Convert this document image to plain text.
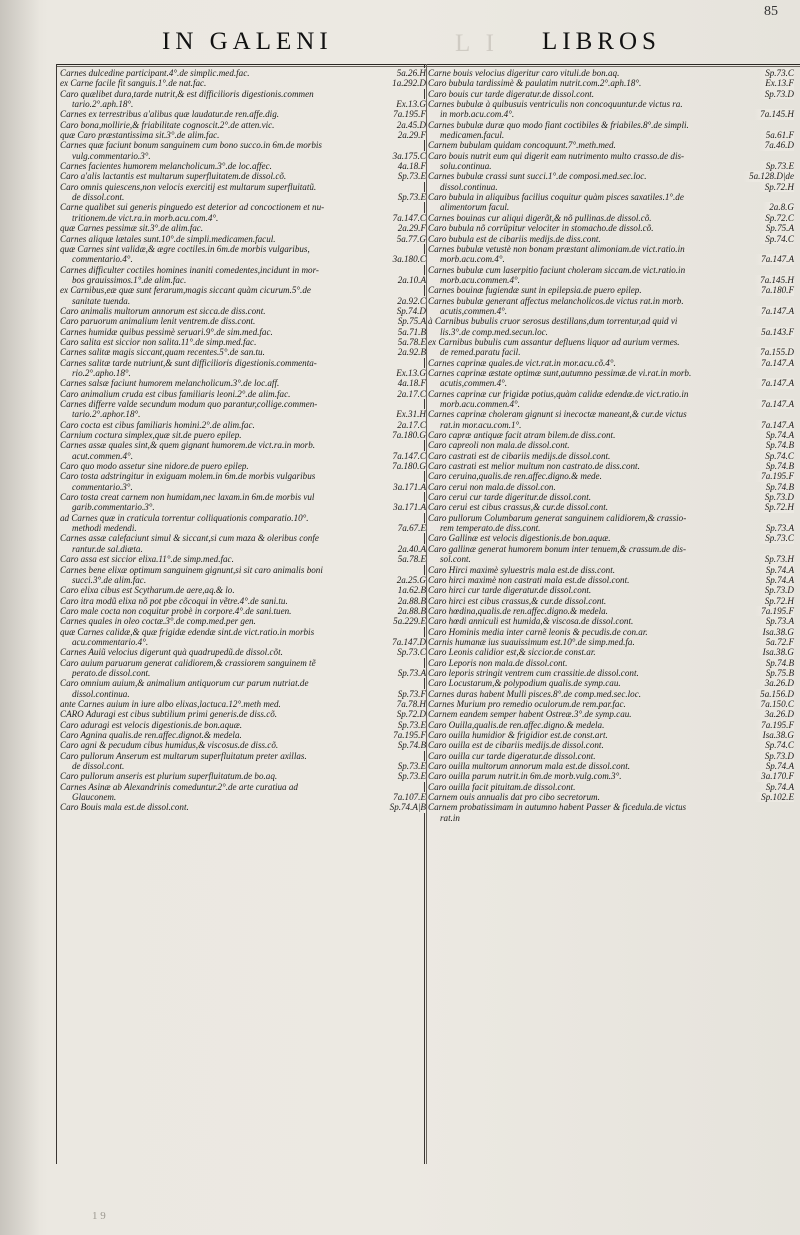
85
IN GALENI	L I LIBROS
Carnes dulcedine participant.4°.de simplic.med.fac.	5a.26.H
ex Carne facile fit sanguis.1°.de nat.fac.	1a.292.D
Caro quælibet dura,tarde nutrit,& est difficilioris digestionis.commen
tario.2°.aph.18°.	Ex.13.G
Carnes ex terrestribus a'alibus quæ laudatur.de ren.affe.dig.	7a.195.F
Caro bona,mollirie,& friabilitate cognoscit.2°.de atten.vic.	2a.45.D
quæ Caro præstantissima sit.3°.de alim.fac.	2a.29.F
Carnes quæ faciunt bonum sanguinem cum bono succo.in 6m.de morbis
vulg.commentario.3°.	3a.175.C
Carnes facientes humorem melancholicum.3°.de loc.affec.	4a.18.F
Caro a'alis lactantis est multarum superfluitatem.de dissol.cõ.	Sp.73.E
Caro omnis quiescens,non velocis exercitij est multarum superfluitatũ.
de dissol.cont.	Sp.73.E
Carne qualibet sui generis pinguedo est deterior ad concoctionem et nu-
tritionem.de vict.ra.in morb.acu.com.4°.	7a.147.C
quæ Carnes pessimæ sit.3°.de alim.fac.	2a.29.F
Carnes aliquæ lætales sunt.10°.de simpli.medicamen.facul.	5a.77.G
quæ Carnes sint validæ,& ægre coctiles.in 6m.de morbis vulgaribus,
commentario.4°.	3a.180.C
Carnes difficulter coctiles homines inaniti comedentes,incidunt in mor-
bos grauissimos.1°.de alim.fac.	2a.10.A
ex Carnibus,eæ quæ sunt ferarum,magis siccant quàm cicurum.5°.de
sanitate tuenda.	2a.92.C
Caro animalis multorum annorum est sicca.de diss.cont.	Sp.74.D
Caro paruorum animalium lenit ventrem.de diss.cont.	Sp.75.A
Carnes humidæ quibus pessimè seruari.9°.de sim.med.fac.	5a.71.B
Caro salita est siccior non salita.11°.de simp.med.fac.	5a.78.E
Carnes salitæ magis siccant,quam recentes.5°.de san.tu.	2a.92.B
Carnes salitæ tarde nutriunt,& sunt difficilioris digestionis.commenta-
rio.2°.apho.18°.	Ex.13.G
Carnes salsæ faciunt humorem melancholicum.3°.de loc.aff.	4a.18.F
Caro animalium cruda est cibus familiaris leoni.2°.de alim.fac.	2a.17.C
Carnes differre valde secundum modum quo parantur,collige.commen-
tario.2°.aphor.18°.	Ex.31.H
Caro cocta est cibus familiaris homini.2°.de alim.fac.	2a.17.C
Carnium coctura simplex,quæ sit.de puero epilep.	7a.180.G
Carnes assæ quales sint,& quem gignant humorem.de vict.ra.in morb.
acut.commen.4°.	7a.147.C
Caro quo modo assetur sine nidore.de puero epilep.	7a.180.G
Caro tosta adstringitur in exiguam molem.in 6m.de morbis vulgaribus
commentario.3°.	3a.171.A
Caro tosta creat carnem non humidam,nec laxam.in 6m.de morbis vul
garib.commentario.3°.	3a.171.A
ad Carnes quæ in craticula torrentur colliquationis comparatio.10°.
methodi medendi.	7a.67.E
Carnes assæ calefaciunt simul & siccant,si cum maza & oleribus confe
rantur.de sal.diæta.	2a.40.A
Caro assa est siccior elixa.11°.de simp.med.fac.	5a.78.E
Carnes bene elixæ optimum sanguinem gignunt,si sit caro animalis boni
succi.3°.de alim.fac.	2a.25.G
Caro elixa cibus est Scytharum.de aere,aq.& lo.	1a.62.B
Caro itra modũ elixa nõ pot pbe cõcoqui in vẽtre.4°.de sani.tu.	2a.88.B
Caro male cocta non coquitur probè in corpore.4°.de sani.tuen.	2a.88.B
Carnes quales in oleo coctæ.3°.de comp.med.per gen.	5a.229.E
quæ Carnes calidæ,& quæ frigidæ edendæ sint.de vict.ratio.in morbis
acu.commentario.4°.	7a.147.D
Carnes Auiũ velocius digerunt quà quadrupedũ.de dissol.cõt.	Sp.73.C
Caro auium paruarum generat calidiorem,& crassiorem sanguinem tẽ
perato.de dissol.cont.	Sp.73.A
Caro omnium auium,& animalium antiquorum cur parum nutriat.de
dissol.continua.	Sp.73.F
ante Carnes auium in iure albo elixas,lactuca.12°.meth med.	7a.78.H
CARO Aduragi est cibus subtilium primi generis.de diss.cõ.	Sp.72.D
Caro aduragi est velocis digestionis.de bon.aquæ.	Sp.73.E
Caro Agnina qualis.de ren.affec.dignot.& medela.	7a.195.F
Caro agni & pecudum cibus humidus,& viscosus.de diss.cõ.	Sp.74.B
Caro pullorum Anserum est multarum superfluitatum preter axillas.
de dissol.cont.	Sp.73.E
Caro pullorum anseris est plurium superfluitatum.de bo.aq.	Sp.73.E
Carnes Asinæ ab Alexandrinis comeduntur.2°.de arte curatiua ad
Glauconem.	7a.107.E
Caro Bouis mala est.de dissol.cont.	Sp.74.A|B
Carne bouis velocius digeritur caro vituli.de bon.aq.	Sp.73.C
Caro bubula tardissimè & paulatim nutrit.com.2°.aph.18°.	Ex.13.F
Caro bouis cur tarde digeratur.de dissol.cont.	Sp.73.D
Carnes bubulæ à quibusuis ventriculis non concoquuntur.de victus ra.
in morb.acu.com.4°.	7a.145.H
Carnes bubulæ duræ quo modo fiant coctibiles & friabiles.8°.de simpli.
medicamen.facul.	5a.61.F
Carnem bubulam quidam concoquunt.7°.meth.med.	7a.46.D
Caro bouis nutrit eum qui digerit eam nutrimento multo crasso.de dis-
solu.continua.	Sp.73.E
Carnes bubulæ crassi sunt succi.1°.de composi.med.sec.loc.	5a.128.D|de
dissol.continua.	Sp.72.H
Caro bubula in aliquibus facilius coquitur quàm pisces saxatiles.1°.de
alimentorum facul.	2a.8.G
Carnes bouinas cur aliqui digerãt,& nõ pullinas.de dissol.cõ.	Sp.72.C
Caro bubula nõ corrũpitur velociter in stomacho.de dissol.cõ.	Sp.75.A
Caro bubula est de cibariis medijs.de diss.cont.	Sp.74.C
Carnes bubulæ vetustè non bonam præstant alimoniam.de vict.ratio.in
morb.acu.com.4°.	7a.147.A
Carnes bubulæ cum laserpitio faciunt choleram siccam.de vict.ratio.in
morb.acu.commen.4°.	7a.145.H
Carnes bouinæ fugiendæ sunt in epilepsia.de puero epilep.	7a.180.F
Carnes bubulæ generant affectus melancholicos.de victus rat.in morb.
acutis,commen.4°.	7a.147.A
à Carnibus bubulis cruor serosus destillans,dum torrentur,ad quid vi
lis.3°.de comp.med.secun.loc.	5a.143.F
ex Carnibus bubulis cum assantur defluens liquor ad aurium vermes.
de remed.paratu facil.	7a.155.D
Carnes caprinæ quales.de vict.rat.in mor.acu.cõ.4°.	7a.147.A
Carnes caprinæ æstate optimæ sunt,autumno pessimæ.de vi.rat.in morb.
acutis,commen.4°.	7a.147.A
Carnes caprinæ cur frigidæ potius,quàm calidæ edendæ.de vict.ratio.in
morb.acu.commen.4°.	7a.147.A
Carnes caprinæ choleram gignunt si inecoctæ maneant,& cur.de victus
rat.in mor.acu.com.1°.	7a.147.A
Caro capræ antiquæ facit atram bilem.de diss.cont.	Sp.74.A
Caro capreoli non mala.de dissol.cont.	Sp.74.B
Caro castrati est de cibariis medijs.de dissol.cont.	Sp.74.C
Caro castrati est melior multum non castrato.de diss.cont.	Sp.74.B
Caro ceruina,qualis.de ren.affec.digno.& mede.	7a.195.F
Caro cerui non mala.de dissol.con.	Sp.74.B
Caro cerui cur tarde digeritur.de dissol.cont.	Sp.73.D
Caro cerui est cibus crassus,& cur.de dissol.cont.	Sp.72.H
Caro pullorum Columbarum generat sanguinem calidiorem,& crassio-
rem temperato.de diss.cont.	Sp.73.A
Caro Gallinæ est velocis digestionis.de bon.aquæ.	Sp.73.C
Caro gallinæ generat humorem bonum inter tenuem,& crassum.de dis-
sol.cont.	Sp.73.H
Caro Hirci maximè syluestris mala est.de diss.cont.	Sp.74.A
Caro hirci maximè non castrati mala est.de dissol.cont.	Sp.74.A
Caro hirci cur tarde digeratur.de dissol.cont.	Sp.73.D
Caro hirci est cibus crassus,& cur.de dissol.cont.	Sp.72.H
Caro hœdina,qualis.de ren.affec.digno.& medela.	7a.195.F
Caro hœdi anniculi est humida,& viscosa.de dissol.cont.	Sp.73.A
Caro Hominis media inter carnẽ leonis & pecudis.de con.ar.	Isa.38.G
Carnis humanæ ius suauissimum est.10°.de simp.med.fa.	5a.72.F
Caro Leonis calidior est,& siccior.de const.ar.	Isa.38.G
Caro Leporis non mala.de dissol.cont.	Sp.74.B
Caro leporis stringit ventrem cum crassitie.de dissol.cont.	Sp.75.B
Caro Locustarum,& polypodium qualis.de symp.cau.	3a.26.D
Carnes duras habent Mulli pisces.8°.de comp.med.sec.loc.	5a.156.D
Carnes Murium pro remedio oculorum.de rem.par.fac.	7a.150.C
Carnem eandem semper habent Ostreæ.3°.de symp.cau.	3a.26.D
Caro Ouilla,qualis.de ren.affec.digno.& medela.	7a.195.F
Caro ouilla humidior & frigidior est.de const.art.	Isa.38.G
Caro ouilla est de cibariis medijs.de dissol.cont.	Sp.74.C
Caro ouilla cur tarde digeratur.de dissol.cont.	Sp.73.D
Caro ouilla multorum annorum mala est.de dissol.cont.	Sp.74.A
Caro ouilla parum nutrit.in 6m.de morb.vulg.com.3°.	3a.170.F
Caro ouilla facit pituitam.de dissol.cont.	Sp.74.A
Carnem ouis annualis dat pro cibo secretorum.	Sp.102.E
Carnem probatissimam in autumno habent Passer & ficedula.de victus
rat.in
1 9
